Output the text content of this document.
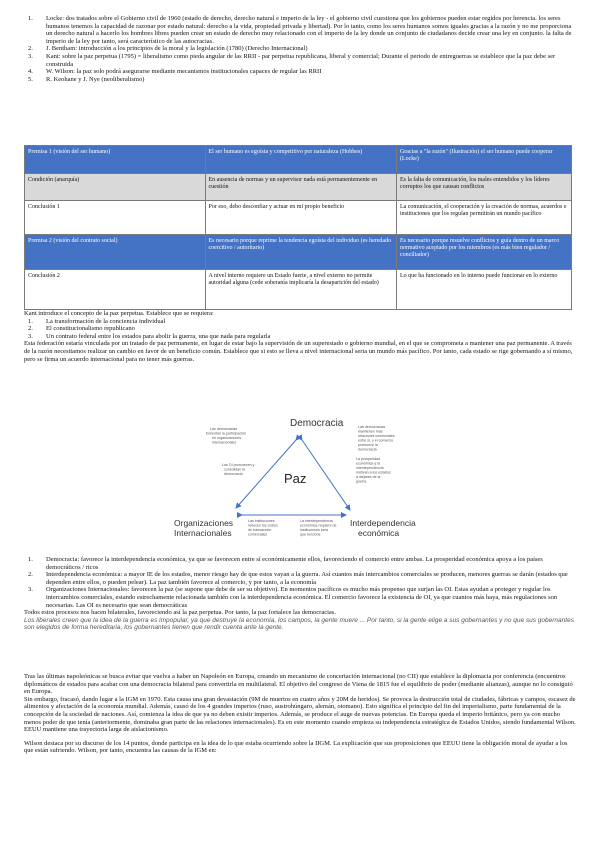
1. Locke: dos tratados sobre el Gobierno civil de 1960 (estado de derecho, derecho natural e imperio de la ley - el gobierno civil cuestiona que los gobiernos pueden estar regidos por herencia. los seres humanos tenemos la capacidad de razonar por estado natural: derecho a la vida, propiedad privada y libertad). Por lo tanto, como los seres humanos somos iguales gracias a la razón y no me proporciona un derecho natural a hacerlo los hombres libres pueden crear un estado de derecho muy relacionado con el imperio de la ley donde un conjunto de ciudadanos decide crear una ley en conjunto. la falta de imperio de la ley por tanto, será característico de las autocracias.
2. J. Bentham: introducción a los principios de la moral y la legislación (1780) (Derecho Internacional)
3. Kant: sobre la paz perpetua (1795) = liberalismo como pieda angular de las RRII - par perpetua republicana, liberal y comercial; Durante el periodo de entreguerras se establece que la paz debe ser construida
4. W. Wilson: la paz solo podrá asegurarse mediante mecanismos institucionales capaces de regular las RRII
5. R. Keohane y J. Nye (neoliberalismo)
Premisa 1 (visión del ser humano)	El ser humano es egoísta y competitivo por naturaleza (Hobbes)	Gracias a "la razón" (Ilustración) el ser humano puede cooperar (Locke)
Condición (anarquía)	En ausencia de normas y un supervisor nada está permanentemente en cuestión	Es la falta de comunicación, los males entendidos y los líderes corruptos los que causan conflictos
Conclusión 1	Por eso, debo desconfiar y actuar en mi propio beneficio	La comunicación, el cooperación y la creación de normas, acuerdos e instituciones que los regulan permitirán un mundo pacífico
Premisa 2 (visión del contrato social)	Es necesario porque reprime la tendencia egoísta del individuo (es heredado coercitivo / autoritario)	Es necesario porque resuelve conflictos y guía dentro de un marco normativo aceptado por los miembros (es más bien regulador / conciliador)
Conclusión 2	A nivel interno requiere un Estado fuerte, a nivel externo no permite autoridad alguna (cede soberanía implicaría la desaparición del estado)	Lo que ha funcionado en lo interno puede funcionar en lo externo
Kant introduce el concepto de la paz perpetua. Establece que se requiera:
1. La transformación de la conciencia individual
2. El constitucionalismo republicano
3. Un contrato federal entre los estados para abolir la guerra, una que nada para regularla
Esta federación estaría vinculada por un tratado de paz permanente, en lugar de estar bajo la supervisión de un superestado o gobierno mundial, en el que se comprometa a mantener una paz permanente. A través de la razón necesitamos realizar un cambio en favor de un beneficio común. Establece que si esto se lleva a nivel internacional seria un mundo más pacífico. Por tanto, cada estado se rige gobernando a sí mismo, pero se firma un acuerdo internacional para no tener más guerras.
Democracia
Paz
Organizaciones Internacionales
Interdependencia económica
Las democracias fomentan la participación en organizaciones internacionales
Las OI promueven y consolidan la democracia
Las democracias mantienen más relaciones comerciales entre sí, y el comercio promueve la democracia
La prosperidad económica y la interdependencia motivan a los estados a alejarse de la guerra
Las instituciones reducen los costos de transacción comerciales
La interdependencia económica requiere de instituciones para que funcione
1. Democracia: favorece la interdependencia económica, ya que se favorecen entre sí económicamente ellos, favoreciendo el comercio entre ambas. La prosperidad económica apoya a los países democráticos / ricos
2. Interdependencia económica: a mayor IE de los estados, menor riesgo hay de que estos vayan a la guerra. Así cuantos más intercambios comerciales se producen, menores guerras se darán (estados que dependen entre ellos, o pueden pelear). La paz también favorece al comercio, y por tanto, a la economía
3. Organizaciones Internacionales: favorecen la paz (se supone que debe de ser su objetivo). En momentos pacíficos es mucho más propenso que surjan las OI. Estas ayudan a proteger y regular los intercambios comerciales, estando estrechamente relacionada también con la interdependencia económica. El comercio favorece la existencia de OI, ya que cuantos más haya, más regulaciones son necesarias. Las OI es necesario que sean democráticas
Todos estos procesos nos hacen bilaterales, favoreciendo así la paz perpetua. Por tanto, la paz fortalece las democracias.
Los liberales creen que la idea de la guerra es impopular, ya que destruye la economía, los campos, la gente muere ... Por tanto, si la gente elige a sus gobernantes y no que sus gobernantes son elegidos de forma hereditaria, los gobernantes tienen que rendir cuenta ante la gente.
Tras las últimas napoleónicas se busca evitar que vuelva a haber un Napoleón en Europa, creando un mecanismo de concertación internacional (no CII) que establece la diplomacia por conferencia (encuentros diplomáticos de estados para acabar con una democracia bilateral para convertirla en multilateral. El objetivo del congreso de Viena de 1815 fue el equilibrio de poder (mediante alianzas), aunque no lo consiguió en Europa.
Sin embargo, fracasó, dando lugar a la IGM en 1970. Esta causa una gran devastación (9M de muertos en cuatro años y 20M de heridos). Se provoca la destrucción total de ciudades, fábricas y campos, escasez de alimentos y afectación de la economía mundial. Además, causó de los 4 grandes imperios (ruso, austrohúngaro, alemán, otomano). Esto significa el principio del fin del imperialismo, parte fundamental de la concepción de la sociedad de naciones. Así, comienza la idea de que ya no deben existir imperios. Además, se produce el auge de nuevas potencias. En Europa queda el imperio británico, pero ya con mucho menos poder de que tenía (anteriormente, dominaba gran parte de las relaciones internacionales). Es en este momento cuando empieza su independencia estratégica de Estados Unidos, siendo fundamental Wilson. EEUU mantiene una trayectoria larga de aislacionismo.
Wilson destaca por su discurso de los 14 puntos, donde participa en la idea de lo que estaba ocurriendo sobre la IIGM. La explicación que sus proposiciones que EEUU tiene la obligación moral de ayudar a los que están sufriendo. Wilson, por tanto, encuentra las causas de la IGM en:
